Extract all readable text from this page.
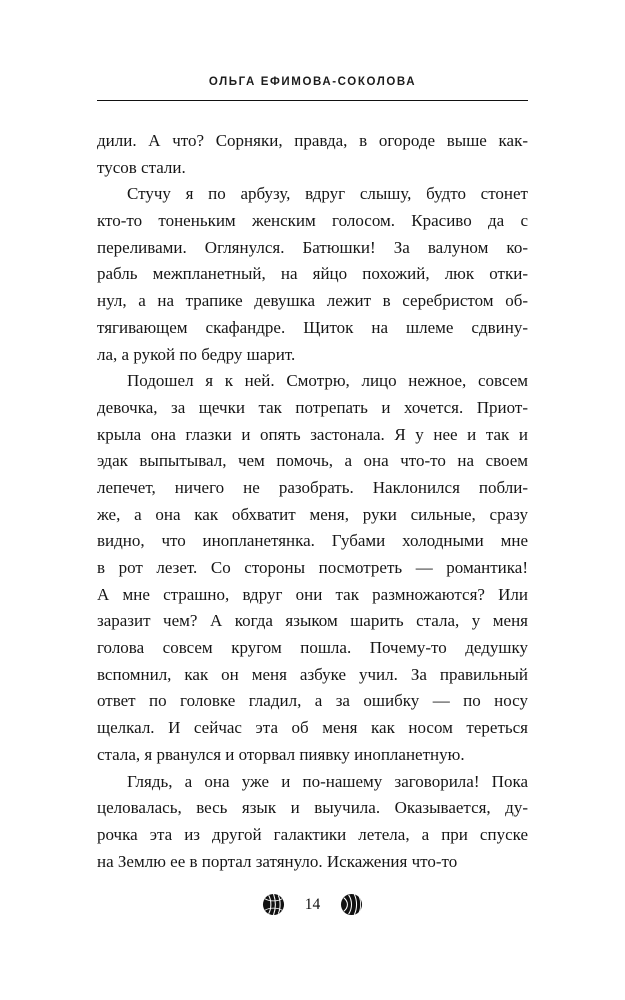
ОЛЬГА ЕФИМОВА-СОКОЛОВА
дили. А что? Сорняки, правда, в огороде выше как-
тусов стали.
Стучу я по арбузу, вдруг слышу, будто стонет
кто-то тоненьким женским голосом. Красиво да с
переливами. Оглянулся. Батюшки! За валуном ко-
рабль межпланетный, на яйцо похожий, люк отки-
нул, а на трапике девушка лежит в серебристом об-
тягивающем скафандре. Щиток на шлеме сдвину-
ла, а рукой по бедру шарит.
Подошел я к ней. Смотрю, лицо нежное, совсем
девочка, за щечки так потрепать и хочется. Приот-
крыла она глазки и опять застонала. Я у нее и так и
эдак выпытывал, чем помочь, а она что-то на своем
лепечет, ничего не разобрать. Наклонился побли-
же, а она как обхватит меня, руки сильные, сразу
видно, что инопланетянка. Губами холодными мне
в рот лезет. Со стороны посмотреть — романтика!
А мне страшно, вдруг они так размножаются? Или
заразит чем? А когда языком шарить стала, у меня
голова совсем кругом пошла. Почему-то дедушку
вспомнил, как он меня азбуке учил. За правильный
ответ по головке гладил, а за ошибку — по носу
щелкал. И сейчас эта об меня как носом тереться
стала, я рванулся и оторвал пиявку инопланетную.
Глядь, а она уже и по-нашему заговорила! Пока
целовалась, весь язык и выучила. Оказывается, ду-
рочка эта из другой галактики летела, а при спуске
на Землю ее в портал затянуло. Искажения что-то
14
